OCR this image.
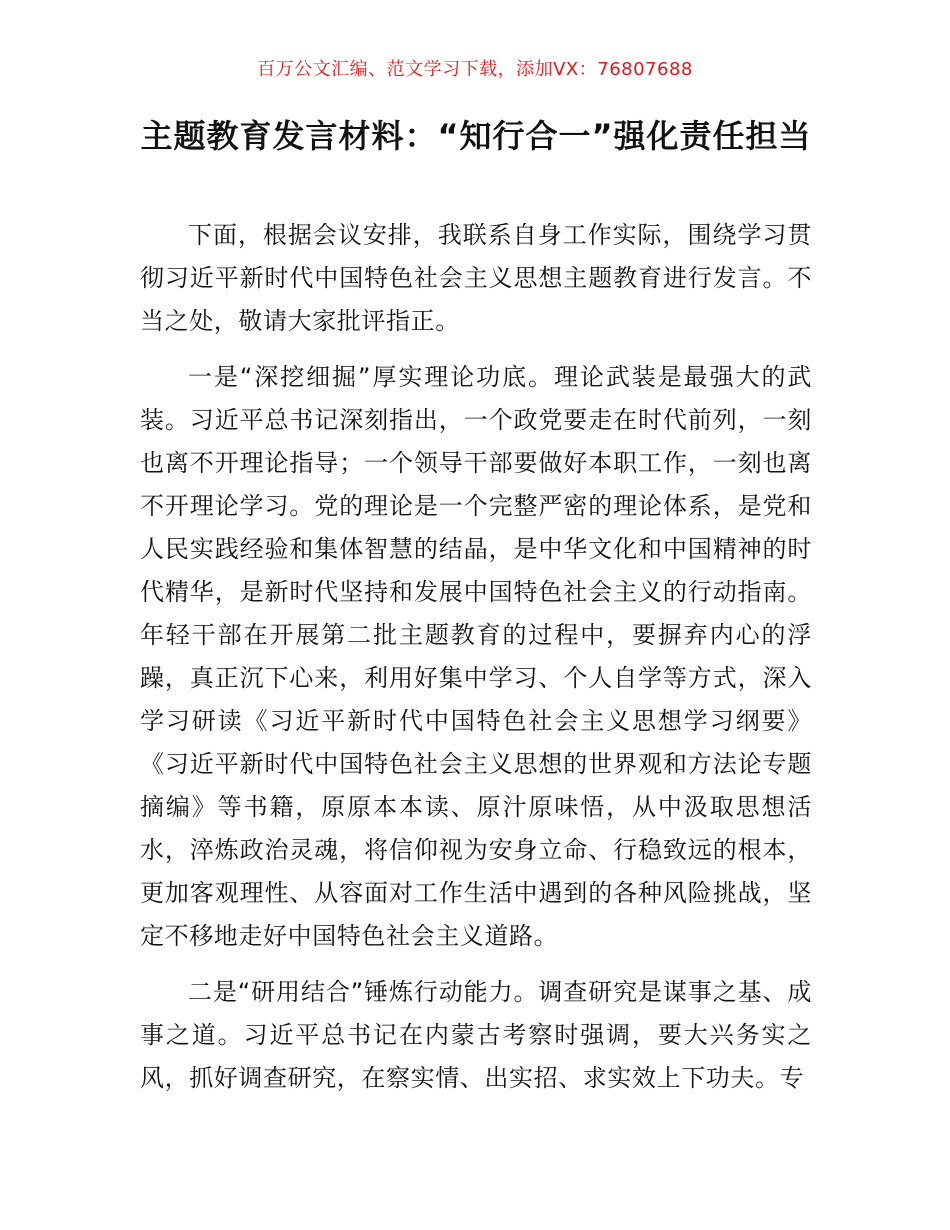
百万公文汇编、范文学习下载，添加VX：76807688
主题教育发言材料：“知行合一”强化责任担当

下面，根据会议安排，我联系自身工作实际，围绕学习贯彻习近平新时代中国特色社会主义思想主题教育进行发言。不当之处，敬请大家批评指正。

一是“深挖细掘”厚实理论功底。理论武装是最强大的武装。习近平总书记深刻指出，一个政党要走在时代前列，一刻也离不开理论指导；一个领导干部要做好本职工作，一刻也离不开理论学习。党的理论是一个完整严密的理论体系，是党和人民实践经验和集体智慧的结晶，是中华文化和中国精神的时代精华，是新时代坚持和发展中国特色社会主义的行动指南。年轻干部在开展第二批主题教育的过程中，要摒弃内心的浮躁，真正沉下心来，利用好集中学习、个人自学等方式，深入学习研读《习近平新时代中国特色社会主义思想学习纲要》《习近平新时代中国特色社会主义思想的世界观和方法论专题摘编》等书籍，原原本本读、原汁原味悟，从中汲取思想活水，淬炼政治灵魂，将信仰视为安身立命、行稳致远的根本，更加客观理性、从容面对工作生活中遇到的各种风险挑战，坚定不移地走好中国特色社会主义道路。

二是“研用结合”锤炼行动能力。调查研究是谋事之基、成事之道。习近平总书记在内蒙古考察时强调，要大兴务实之风，抓好调查研究，在察实情、出实招、求实效上下功夫。专
